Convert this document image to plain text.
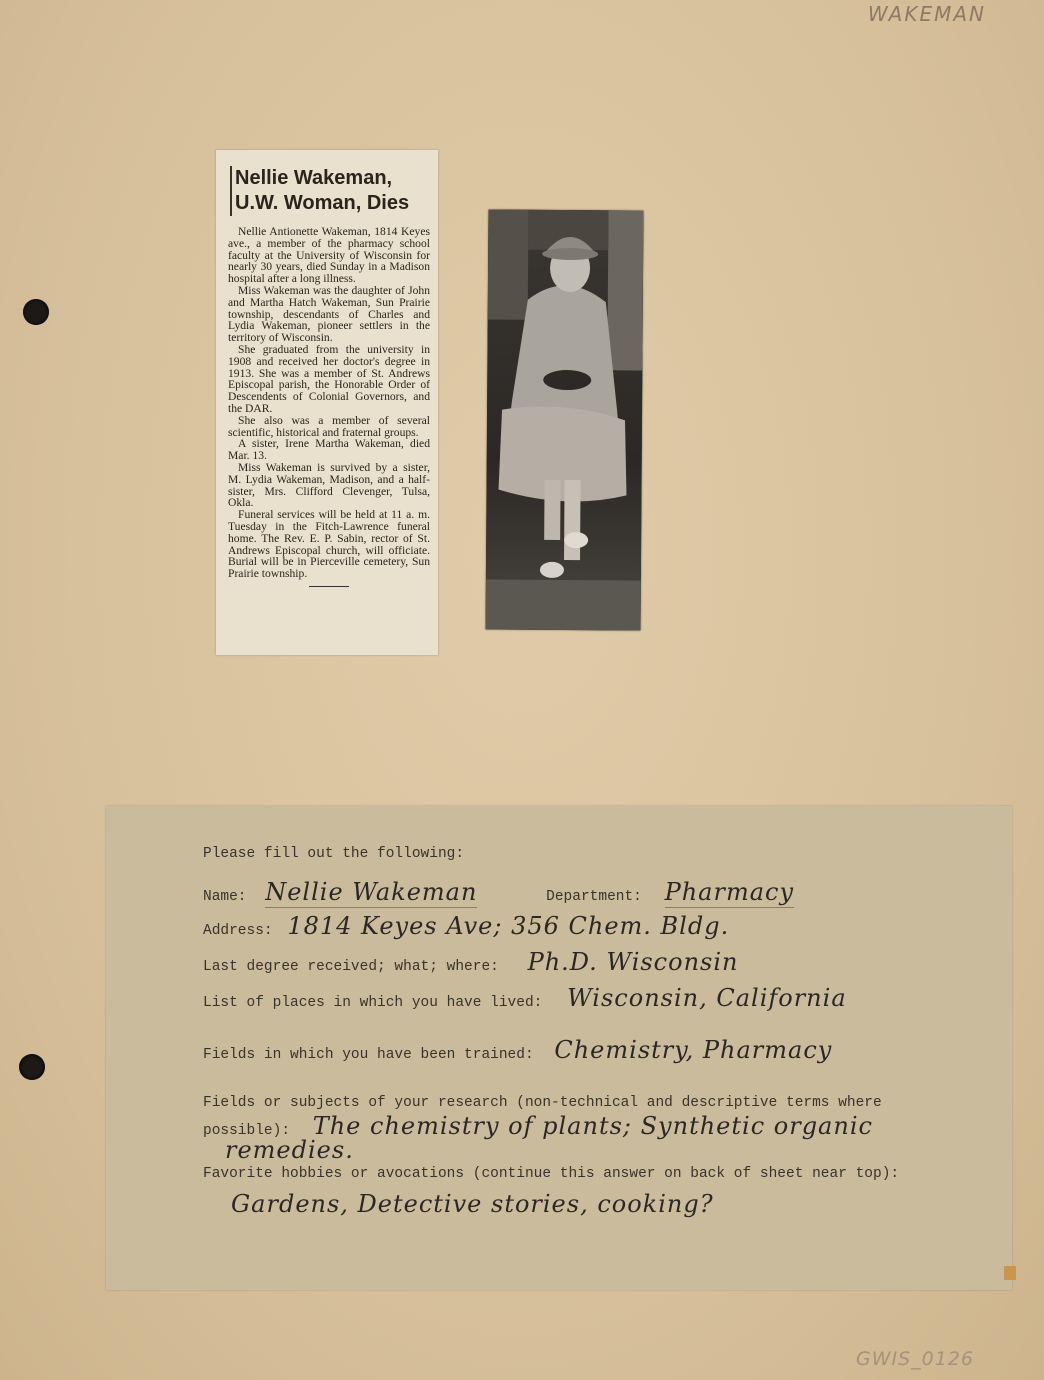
WAKEMAN
Nellie Wakeman,
U.W. Woman, Dies

Nellie Antionette Wakeman, 1814 Keyes ave., a member of the pharmacy school faculty at the University of Wisconsin for nearly 30 years, died Sunday in a Madison hospital after a long illness.

Miss Wakeman was the daughter of John and Martha Hatch Wakeman, Sun Prairie township, descendants of Charles and Lydia Wakeman, pioneer settlers in the territory of Wisconsin.

She graduated from the university in 1908 and received her doctor's degree in 1913. She was a member of St. Andrews Episcopal parish, the Honorable Order of Descendents of Colonial Governors, and the DAR.

She also was a member of several scientific, historical and fraternal groups.

A sister, Irene Martha Wakeman, died Mar. 13.

Miss Wakeman is survived by a sister, M. Lydia Wakeman, Madison, and a half-sister, Mrs. Clifford Clevenger, Tulsa, Okla.

Funeral services will be held at 11 a. m. Tuesday in the Fitch-Lawrence funeral home. The Rev. E. P. Sabin, rector of St. Andrews Episcopal church, will officiate. Burial will be in Pierceville cemetery, Sun Prairie township.

Please fill out the following:
Name: Nellie Wakeman	Department: Pharmacy
Address: 1814 Keyes Ave; 356 Chem. Bldg.
Last degree received; what; where: Ph.D. Wisconsin
List of places in which you have lived: Wisconsin, California
Fields in which you have been trained: Chemistry, Pharmacy
Fields or subjects of your research (non-technical and descriptive terms where
possible): The chemistry of plants; Synthetic organic
remedies.
Favorite hobbies or avocations (continue this answer on back of sheet near top):
Gardens, Detective stories, cooking?
GWIS_0126
